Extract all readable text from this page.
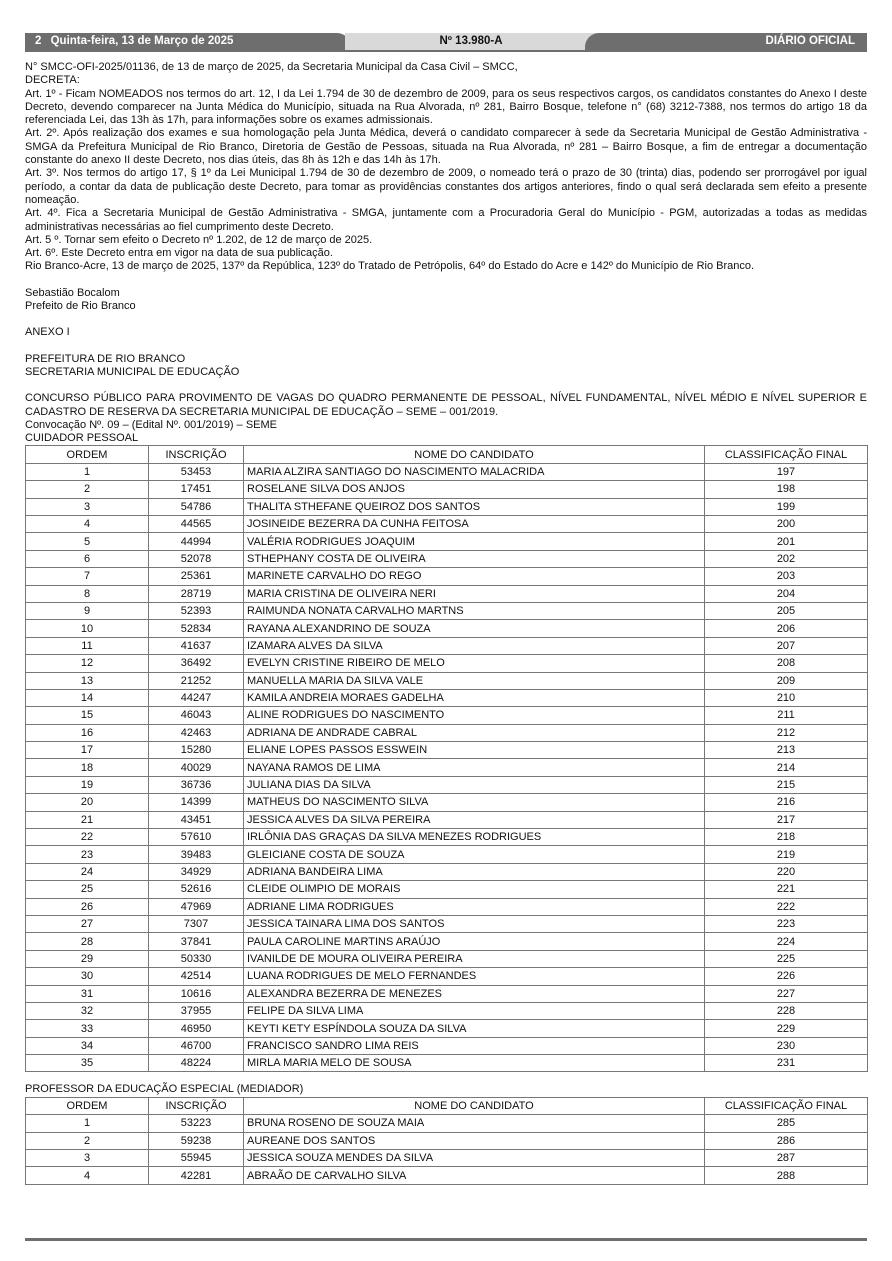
2 Quinta-feira, 13 de Março de 2025	Nº 13.980-A	DIÁRIO OFICIAL

N° SMCC-OFI-2025/01136, de 13 de março de 2025, da Secretaria Municipal da Casa Civil – SMCC,

DECRETA:

Art. 1º - Ficam NOMEADOS nos termos do art. 12, I da Lei 1.794 de 30 de dezembro de 2009, para os seus respectivos cargos, os candidatos constantes do Anexo I deste Decreto, devendo comparecer na Junta Médica do Município, situada na Rua Alvorada, nº 281, Bairro Bosque, telefone n° (68) 3212-7388, nos termos do artigo 18 da referenciada Lei, das 13h às 17h, para informações sobre os exames admissionais.

Art. 2º. Após realização dos exames e sua homologação pela Junta Médica, deverá o candidato comparecer à sede da Secretaria Municipal de Gestão Administrativa - SMGA da Prefeitura Municipal de Rio Branco, Diretoria de Gestão de Pessoas, situada na Rua Alvorada, nº 281 – Bairro Bosque, a fim de entregar a documentação constante do anexo II deste Decreto, nos dias úteis, das 8h às 12h e das 14h às 17h.

Art. 3º. Nos termos do artigo 17, § 1º da Lei Municipal 1.794 de 30 de dezembro de 2009, o nomeado terá o prazo de 30 (trinta) dias, podendo ser prorrogável por igual período, a contar da data de publicação deste Decreto, para tomar as providências constantes dos artigos anteriores, findo o qual será declarada sem efeito a presente nomeação.

Art. 4º. Fica a Secretaria Municipal de Gestão Administrativa - SMGA, juntamente com a Procuradoria Geral do Município - PGM, autorizadas a todas as medidas administrativas necessárias ao fiel cumprimento deste Decreto.

Art. 5 º. Tornar sem efeito o Decreto nº 1.202, de 12 de março de 2025.

Art. 6º. Este Decreto entra em vigor na data de sua publicação.

Rio Branco-Acre, 13 de março de 2025, 137º da República, 123º do Tratado de Petrópolis, 64º do Estado do Acre e 142º do Município de Rio Branco.

Sebastião Bocalom

Prefeito de Rio Branco

ANEXO I

PREFEITURA DE RIO BRANCO

SECRETARIA MUNICIPAL DE EDUCAÇÃO

CONCURSO PÚBLICO PARA PROVIMENTO DE VAGAS DO QUADRO PERMANENTE DE PESSOAL, NÍVEL FUNDAMENTAL, NÍVEL MÉDIO E NÍVEL SUPERIOR E CADASTRO DE RESERVA DA SECRETARIA MUNICIPAL DE EDUCAÇÃO – SEME – 001/2019.

Convocação Nº. 09 – (Edital Nº. 001/2019) – SEME

CUIDADOR PESSOAL

ORDEM	INSCRIÇÃO	NOME DO CANDIDATO	CLASSIFICAÇÃO FINAL
1	53453	MARIA ALZIRA SANTIAGO DO NASCIMENTO MALACRIDA	197
2	17451	ROSELANE SILVA DOS ANJOS	198
3	54786	THALITA STHEFANE QUEIROZ DOS SANTOS	199
4	44565	JOSINEIDE BEZERRA DA CUNHA FEITOSA	200
5	44994	VALÉRIA RODRIGUES JOAQUIM	201
6	52078	STHEPHANY COSTA DE OLIVEIRA	202
7	25361	MARINETE CARVALHO DO REGO	203
8	28719	MARIA CRISTINA DE OLIVEIRA NERI	204
9	52393	RAIMUNDA NONATA CARVALHO MARTNS	205
10	52834	RAYANA ALEXANDRINO DE SOUZA	206
11	41637	IZAMARA ALVES DA SILVA	207
12	36492	EVELYN CRISTINE RIBEIRO DE MELO	208
13	21252	MANUELLA MARIA DA SILVA VALE	209
14	44247	KAMILA ANDREIA MORAES GADELHA	210
15	46043	ALINE RODRIGUES DO NASCIMENTO	211
16	42463	ADRIANA DE ANDRADE CABRAL	212
17	15280	ELIANE LOPES PASSOS ESSWEIN	213
18	40029	NAYANA RAMOS DE LIMA	214
19	36736	JULIANA DIAS DA SILVA	215
20	14399	MATHEUS DO NASCIMENTO SILVA	216
21	43451	JESSICA ALVES DA SILVA PEREIRA	217
22	57610	IRLÔNIA DAS GRAÇAS DA SILVA MENEZES RODRIGUES	218
23	39483	GLEICIANE COSTA DE SOUZA	219
24	34929	ADRIANA BANDEIRA LIMA	220
25	52616	CLEIDE OLIMPIO DE MORAIS	221
26	47969	ADRIANE LIMA RODRIGUES	222
27	7307	JESSICA TAINARA LIMA DOS SANTOS	223
28	37841	PAULA CAROLINE MARTINS ARAÚJO	224
29	50330	IVANILDE DE MOURA OLIVEIRA PEREIRA	225
30	42514	LUANA RODRIGUES DE MELO FERNANDES	226
31	10616	ALEXANDRA BEZERRA DE MENEZES	227
32	37955	FELIPE DA SILVA LIMA	228
33	46950	KEYTI KETY ESPÍNDOLA SOUZA DA SILVA	229
34	46700	FRANCISCO SANDRO LIMA REIS	230
35	48224	MIRLA MARIA MELO DE SOUSA	231

PROFESSOR DA EDUCAÇÃO ESPECIAL (MEDIADOR)

ORDEM	INSCRIÇÃO	NOME DO CANDIDATO	CLASSIFICAÇÃO FINAL
1	53223	BRUNA ROSENO DE SOUZA MAIA	285
2	59238	AUREANE DOS SANTOS	286
3	55945	JESSICA SOUZA MENDES DA SILVA	287
4	42281	ABRAÃO DE CARVALHO SILVA	288
